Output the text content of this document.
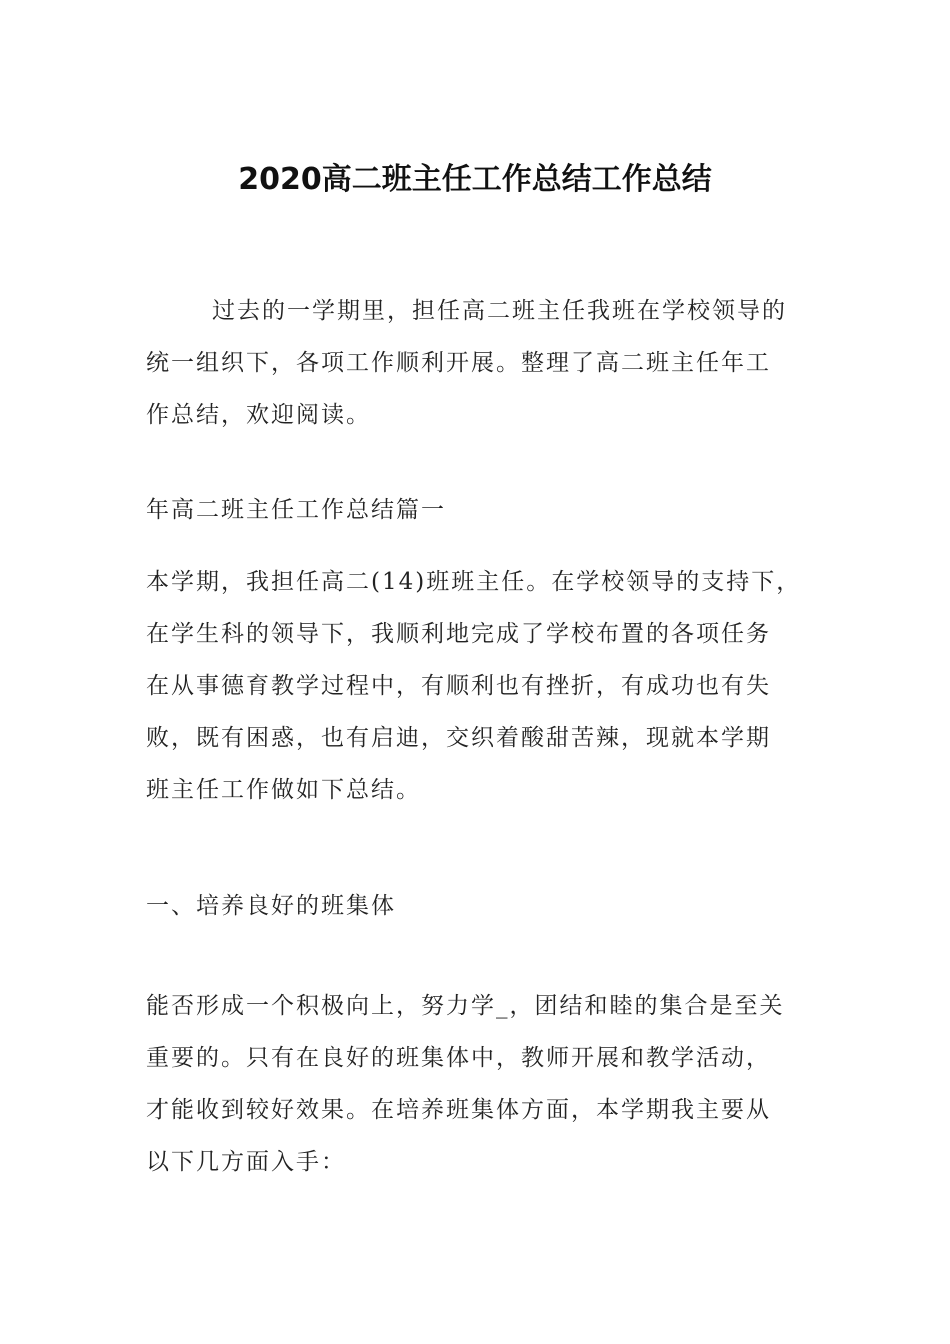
2020高二班主任工作总结工作总结
过去的一学期里，担任高二班主任我班在学校领导的
统一组织下，各项工作顺利开展。整理了高二班主任年工
作总结，欢迎阅读。
年高二班主任工作总结篇一
本学期，我担任高二(14)班班主任。在学校领导的支持下，
在学生科的领导下，我顺利地完成了学校布置的各项任务
在从事德育教学过程中，有顺利也有挫折，有成功也有失
败，既有困惑，也有启迪，交织着酸甜苦辣，现就本学期
班主任工作做如下总结。
一、培养良好的班集体
能否形成一个积极向上，努力学_，团结和睦的集合是至关
重要的。只有在良好的班集体中，教师开展和教学活动，
才能收到较好效果。在培养班集体方面，本学期我主要从
以下几方面入手：
